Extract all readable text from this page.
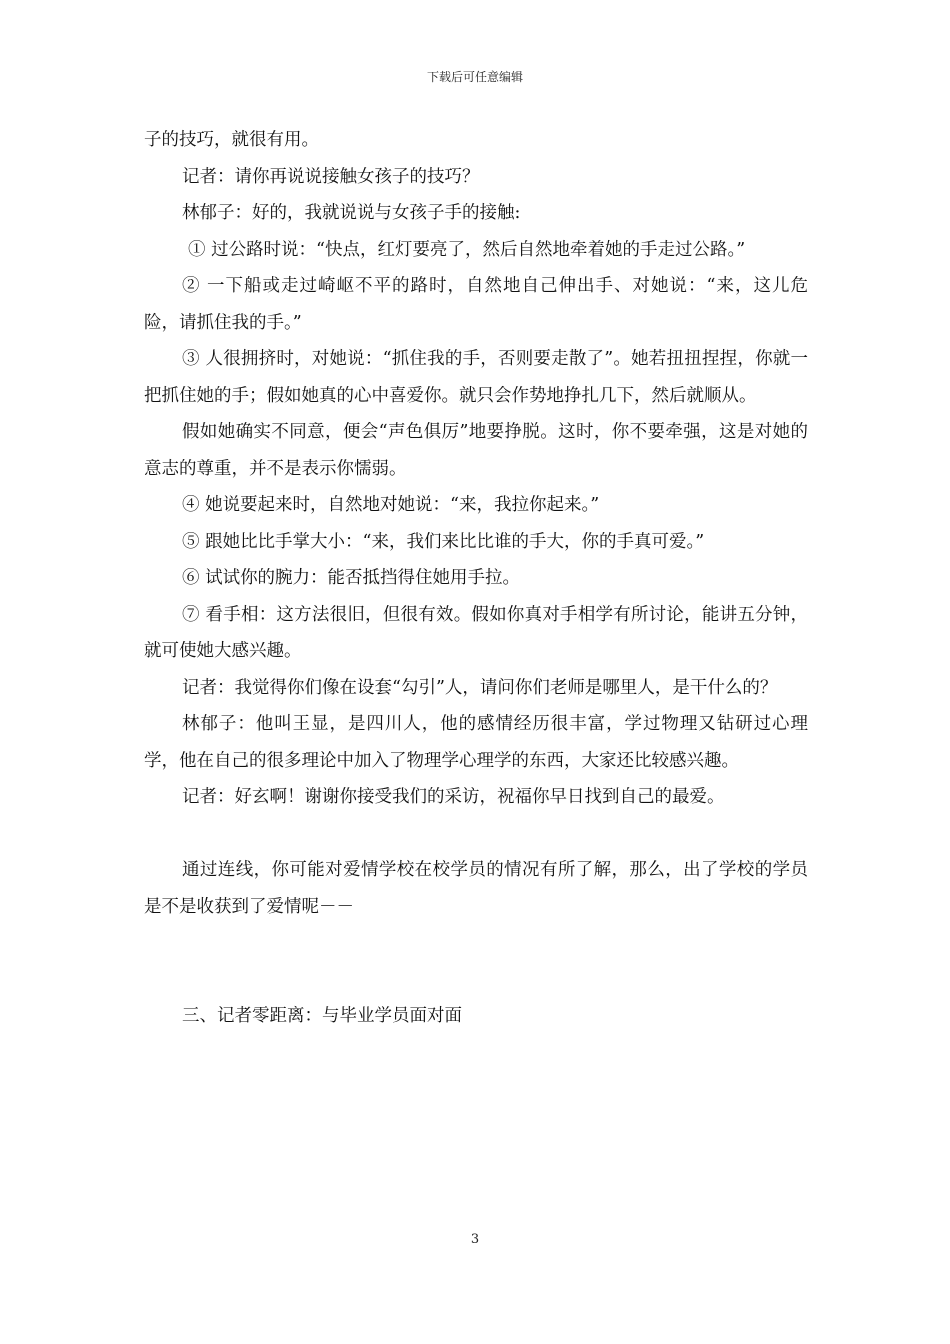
下载后可任意编辑

子的技巧，就很有用。

记者：请你再说说接触女孩子的技巧？

林郁子：好的，我就说说与女孩子手的接触:

① 过公路时说：“快点，红灯要亮了，然后自然地牵着她的手走过公路。”

② 一下船或走过崎岖不平的路时，自然地自己伸出手、对她说：“来，这儿危险，请抓住我的手。”

③ 人很拥挤时，对她说：“抓住我的手，否则要走散了”。她若扭扭捏捏，你就一把抓住她的手；假如她真的心中喜爱你。就只会作势地挣扎几下，然后就顺从。

假如她确实不同意，便会“声色俱厉”地要挣脱。这时，你不要牵强，这是对她的意志的尊重，并不是表示你懦弱。

④ 她说要起来时，自然地对她说：“来，我拉你起来。”

⑤ 跟她比比手掌大小：“来，我们来比比谁的手大，你的手真可爱。”

⑥ 试试你的腕力：能否抵挡得住她用手拉。

⑦ 看手相：这方法很旧，但很有效。假如你真对手相学有所讨论，能讲五分钟，就可使她大感兴趣。

记者：我觉得你们像在设套“勾引”人，请问你们老师是哪里人，是干什么的？

林郁子：他叫王显，是四川人，他的感情经历很丰富，学过物理又钻研过心理学，他在自己的很多理论中加入了物理学心理学的东西，大家还比较感兴趣。

记者：好玄啊！谢谢你接受我们的采访，祝福你早日找到自己的最爱。

通过连线，你可能对爱情学校在校学员的情况有所了解，那么，出了学校的学员是不是收获到了爱情呢－－

三、记者零距离：与毕业学员面对面

3
